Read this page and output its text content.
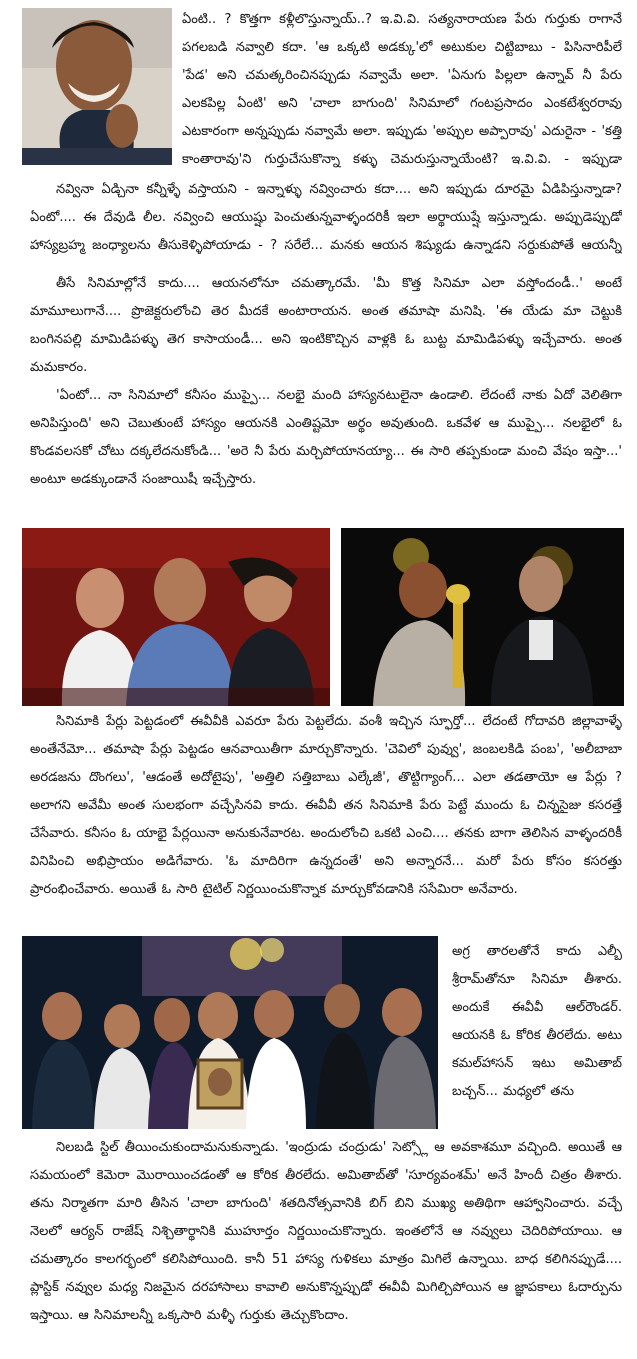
ఏంటి.. ? కొత్తగా కళ్లీలొస్తున్నాయ్..? ఇ.వి.వి. సత్యనారాయణ పేరు గుర్తుకు రాగానే పగలబడి నవ్వాలి కదా. 'ఆ ఒక్కటి అడక్కు'లో అటుకుల చిట్టిబాబు - పిసినారిపీలే 'పేడ' అని చమత్కరించినప్పుడు నవ్వామే అలా. 'ఏనుగు పిల్లలా ఉన్నావ్ నీ పేరు ఎలకపిల్ల ఏంటి' అని 'చాలా బాగుంది' సినిమాలో గంటప్రసాదం ఎంకటేశ్వరరావు ఎటకారంగా అన్నప్పుడు నవ్వామే అలా. ఇప్పుడు 'అప్పుల అప్పారావు' ఎదురైనా - 'కత్తి కాంతారావు'ని గుర్తుచేసుకొన్నా కళ్ళు చెమరుస్తున్నాయేంటి? ఇ.వి.వి. - ఇప్పుడా

నవ్వినా ఏడ్చినా కన్నీళ్ళే వస్తాయని - ఇన్నాళ్ళు నవ్వించారు కదా.... అని ఇప్పుడు దూరమై ఏడిపిస్తున్నాడా? ఏంటో.... ఈ దేవుడి లీల. నవ్వించి ఆయుష్షు పెంచుతున్నవాళ్ళందరికీ ఇలా అర్థాయుష్షే ఇస్తున్నాడు. అప్పుడెప్పుడో హాస్యబ్రహ్మ జంధ్యాలను తీసుకెళ్ళిపోయాడు - ? సరేలే... మనకు ఆయన శిష్యుడు ఉన్నాడని సర్దుకుపోతే ఆయన్నీ

తీసే సినిమాల్లోనే కాదు.... ఆయనలోనూ చమత్కారమే. 'మీ కొత్త సినిమా ఎలా వస్తోందండీ..' అంటే మామూలుగానే.... ప్రొజెక్టరులోంచి తెర మీదకే అంటారాయన. అంత తమాషా మనిషి. 'ఈ యేడు మా చెట్టుకి బంగినపల్లి మామిడిపళ్ళు తెగ కాసాయండీ... అని ఇంటికొచ్చిన వాళ్లకి ఓ బుట్ట మామిడిపళ్ళు ఇచ్చేవారు. అంత మమకారం.

'ఏంటో... నా సినిమాలో కనీసం ముప్పై... నలభై మంది హాస్యనటులైనా ఉండాలి. లేదంటే నాకు ఏదో వెలితిగా అనిపిస్తుంది' అని చెబుతుంటే హాస్యం ఆయనకి ఎంతిష్టమో అర్థం అవుతుంది. ఒకవేళ ఆ ముప్పై... నలభైలో ఓ కొండవలసకో చోటు దక్కలేదనుకోండి... 'అరె నీ పేరు మర్చిపోయానయ్యా... ఈ సారి తప్పకుండా మంచి వేషం ఇస్తా...' అంటూ అడక్కుండానే సంజాయిషీ ఇచ్చేస్తారు.

సినిమాకి పేర్లు పెట్టడంలో ఈవీవీకి ఎవరూ పేరు పెట్టలేదు. వంశీ ఇచ్చిన స్ఫూర్తో... లేదంటే గోదావరి జిల్లావాళ్ళే అంతేనేమో... తమాషా పేర్లు పెట్టడం ఆనవాయితీగా మార్చుకొన్నారు. 'చెవిలో పువ్వు', జంబలకిడి పంబ', 'అలీబాబా అరడజను దొంగలు', 'ఆడంతే అదోటైపు', 'అత్తిలి సత్తిబాబు ఎల్కేజీ', తొట్టిగ్యాంగ్... ఎలా తడతాయో ఆ పేర్లు ? అలాగని అవేమీ అంత సులభంగా వచ్చేసినవి కాదు. ఈవీవీ తన సినిమాకి పేరు పెట్టే ముందు ఓ చిన్నసైజు కసరత్తే చేసేవారు. కనీసం ఓ యాభై పేర్లయినా అనుకునేవారట. అందులోంచి ఒకటి ఎంచి.... తనకు బాగా తెలిసిన వాళ్ళందరికీ వినిపించి అభిప్రాయం అడిగేవారు. 'ఓ మాదిరిగా ఉన్నదంతే' అని అన్నారనే... మరో పేరు కోసం కసరత్తు ప్రారంభించేవారు. అయితే ఓ సారి టైటిల్ నిర్ణయించుకొన్నాక మార్చుకోవడానికి ససేమిరా అనేవారు.

అగ్ర తారలతోనే కాదు ఎల్బీ శ్రీరామ్‌తోనూ సినిమా తీశారు. అందుకే ఈవీవీ ఆల్‌రౌండర్. ఆయనకి ఓ కోరిక తీరలేదు. అటు కమల్‌హాసన్ ఇటు అమితాబ్ బచ్చన్... మధ్యలో తను

నిలబడి స్టిల్ తీయించుకుందామనుకున్నాడు. 'ఇంద్రుడు చంద్రుడు' సెట్స్లో ఆ అవకాశమూ వచ్చింది. అయితే ఆ సమయంలో కెమెరా మొరాయించడంతో ఆ కోరిక తీరలేదు. అమితాబ్‌తో 'సూర్యవంశమ్' అనే హిందీ చిత్రం తీశారు. తను నిర్మాతగా మారి తీసిన 'చాలా బాగుంది' శతదినోత్సవానికి బిగ్ బిని ముఖ్య అతిథిగా ఆహ్వానించారు. వచ్చే నెలలో ఆర్యన్ రాజేష్ నిశ్చితార్థానికి ముహూర్తం నిర్ణయించుకొన్నారు. ఇంతలోనే ఆ నవ్వులు చెదిరిపోయాయి. ఆ చమత్కారం కాలగర్భంలో కలిసిపోయింది. కానీ 51 హాస్య గుళికలు మాత్రం మిగిలే ఉన్నాయి. బాధ కలిగినప్పుడే.... ప్లాస్టిక్ నవ్వుల మధ్య నిజమైన దరహాసాలు కావాలి అనుకొన్నప్పుడో ఈవీవీ మిగిల్చిపోయిన ఆ జ్ఞాపకాలు ఓదార్పును ఇస్తాయి. ఆ సినిమాలన్నీ ఒక్కసారి మళ్ళీ గుర్తుకు తెచ్చుకొందాం.
